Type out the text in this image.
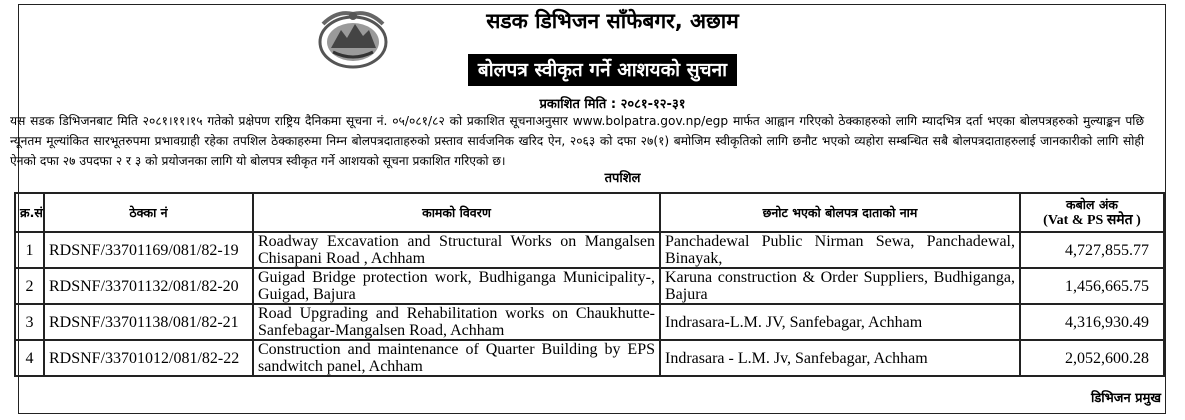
सडक डिभिजन साँफेबगर, अछाम
बोलपत्र स्वीकृत गर्ने आशयको सुचना
प्रकाशित मिति : २०८१-१२-३१
यस सडक डिभिजनबाट मिति २०८१।११।१५ गतेको प्रक्षेपण राष्ट्रिय दैनिकमा सूचना नं. ०५/०८१/८२ को प्रकाशित सूचनाअनुसार www.bolpatra.gov.np/egp मार्फत आह्वान गरिएको ठेक्काहरुको लागि म्यादभित्र दर्ता भएका बोलपत्रहरुको मुल्याङ्कन पछि न्यूनतम मूल्यांकित सारभूतरुपमा प्रभावग्राही रहेका तपशिल ठेक्काहरुमा निम्न बोलपत्रदाताहरुको प्रस्ताव सार्वजनिक खरिद ऐन, २०६३ को दफा २७(१) बमोजिम स्वीकृतिको लागि छनौट भएको व्यहोरा सम्बन्धित सबै बोलपत्रदाताहरुलाई जानकारीको लागि सोही ऐनको दफा २७ उपदफा २ र ३ को प्रयोजनका लागि यो बोलपत्र स्वीकृत गर्ने आशयको सूचना प्रकाशित गरिएको छ।
तपशिल
क्र.सं	ठेक्का नं	कामको विवरण	छनोट भएको बोलपत्र दाताको नाम	कबोल अंक
(Vat & PS समेत )

1	RDSNF/33701169/081/82-19	Roadway Excavation and Structural Works on Mangalsen Chisapani Road , Achham	Panchadewal Public Nirman Sewa, Panchadewal, Binayak,	4,727,855.77
2	RDSNF/33701132/081/82-20	Guigad Bridge protection work, Budhiganga Municipality-, Guigad, Bajura	Karuna construction & Order Suppliers, Budhiganga, Bajura	1,456,665.75
3	RDSNF/33701138/081/82-21	Road Upgrading and Rehabilitation works on Chaukhutte-Sanfebagar-Mangalsen Road, Achham	Indrasara-L.M. JV, Sanfebagar, Achham	4,316,930.49
4	RDSNF/33701012/081/82-22	Construction and maintenance of Quarter Building by EPS sandwitch panel, Achham	Indrasara - L.M. Jv, Sanfebagar, Achham	2,052,600.28
डिभिजन प्रमुख
